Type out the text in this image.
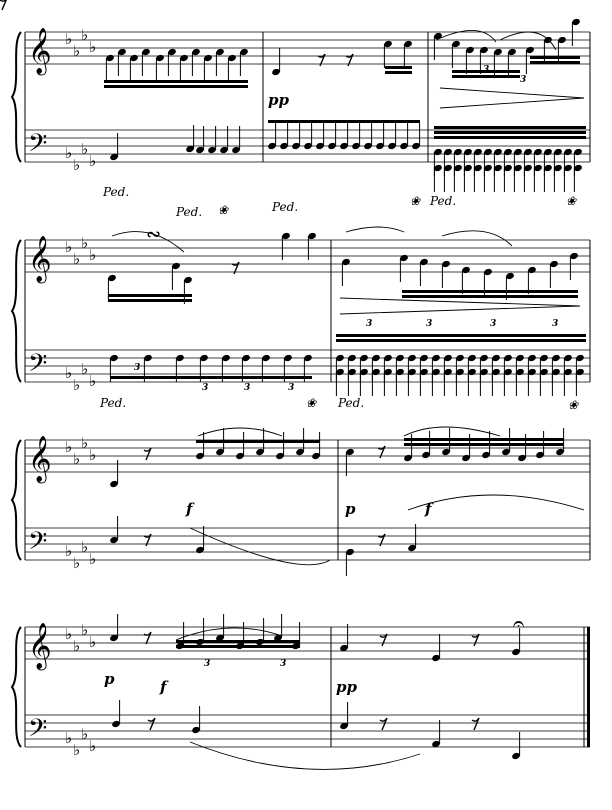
𝄞 ♭
♭
♭
♭
𝄢 ♭
♭
♭
♭
𝄞 ♭
♭
♭
♭
𝄢 ♭
♭
♭
♭
𝄞 ♭
♭
♭
♭
𝄢 ♭
♭
♭
♭
𝄞 ♭
♭
♭
♭
𝄢 ♭
♭
♭
♭
pp
f	p	f
p	f	pp
Ped.
Ped. ❀	Ped.	❀ Ped.	❀
Ped.	❀ Ped.	❀
3
3
3
3	3	3
3	3	3	3
3	3
∾
𝄐
